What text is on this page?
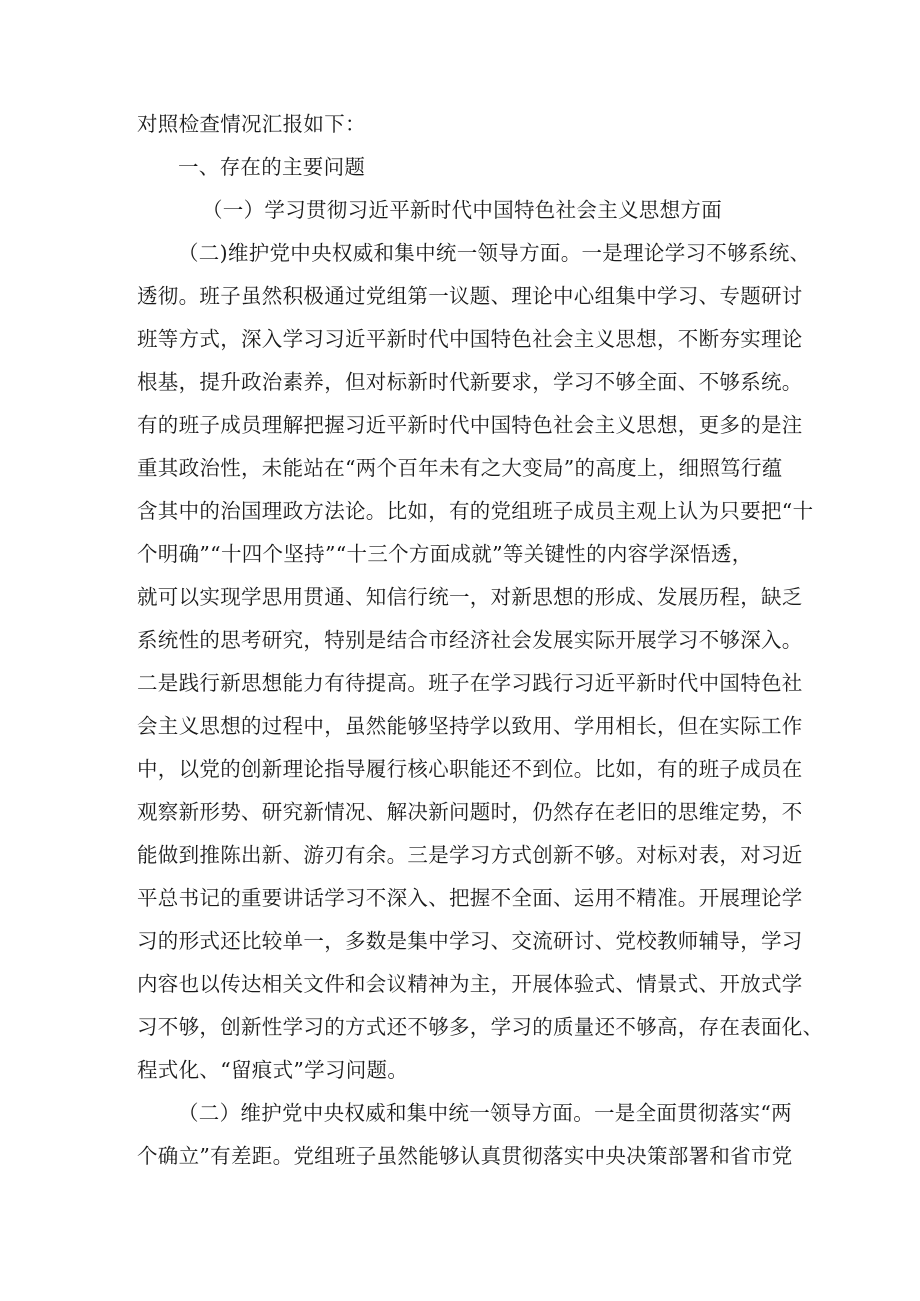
对照检查情况汇报如下：
一、存在的主要问题
（一）学习贯彻习近平新时代中国特色社会主义思想方面
（二)维护党中央权威和集中统一领导方面。一是理论学习不够系统、
透彻。班子虽然积极通过党组第一议题、理论中心组集中学习、专题研讨
班等方式，深入学习习近平新时代中国特色社会主义思想，不断夯实理论
根基，提升政治素养，但对标新时代新要求，学习不够全面、不够系统。
有的班子成员理解把握习近平新时代中国特色社会主义思想，更多的是注
重其政治性，未能站在“两个百年未有之大变局”的高度上，细照笃行蕴
含其中的治国理政方法论。比如，有的党组班子成员主观上认为只要把“十
个明确”“十四个坚持”“十三个方面成就”等关键性的内容学深悟透，
就可以实现学思用贯通、知信行统一，对新思想的形成、发展历程，缺乏
系统性的思考研究，特别是结合市经济社会发展实际开展学习不够深入。
二是践行新思想能力有待提高。班子在学习践行习近平新时代中国特色社
会主义思想的过程中，虽然能够坚持学以致用、学用相长，但在实际工作
中，以党的创新理论指导履行核心职能还不到位。比如，有的班子成员在
观察新形势、研究新情况、解决新问题时，仍然存在老旧的思维定势，不
能做到推陈出新、游刃有余。三是学习方式创新不够。对标对表，对习近
平总书记的重要讲话学习不深入、把握不全面、运用不精准。开展理论学
习的形式还比较单一，多数是集中学习、交流研讨、党校教师辅导，学习
内容也以传达相关文件和会议精神为主，开展体验式、情景式、开放式学
习不够，创新性学习的方式还不够多，学习的质量还不够高，存在表面化、
程式化、“留痕式”学习问题。
（二）维护党中央权威和集中统一领导方面。一是全面贯彻落实“两
个确立”有差距。党组班子虽然能够认真贯彻落实中央决策部署和省市党
